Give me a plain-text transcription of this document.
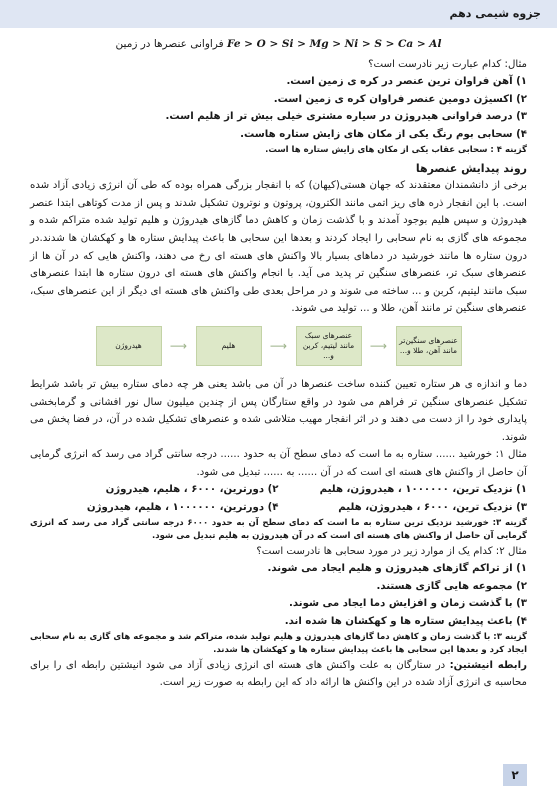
جزوه شیمی دهم
Fe > O > Si > Mg > Ni > S > Ca > Al فراوانی عنصرها در زمین
مثال: کدام عبارت زیر نادرست است؟
۱) آهن فراوان ترین عنصر در کره ی زمین است.
۲) اکسیژن دومین عنصر فراوان کره ی زمین است.
۳) درصد فراوانی هیدروژن در سیاره مشتری خیلی بیش تر از هلیم است.
۴) سحابی بوم رنگ یکی از مکان های زایش ستاره هاست.
گزینه ۴ : سحابی عقاب یکی از مکان های زایش ستاره ها است.
روند پیدایش عنصرها
برخی از دانشمندان معتقدند که جهان هستی(کیهان) که با انفجار بزرگی همراه بوده که طی آن انرژی زیادی آزاد شده است. با این انفجار ذره های ریز اتمی مانند الکترون، پروتون و نوترون تشکیل شدند و پس از مدت کوتاهی ابتدا عنصر هیدروژن و سپس هلیم بوجود آمدند و با گذشت زمان و کاهش دما گازهای هیدروژن و هلیم تولید شده متراکم شده و مجموعه های گازی به نام سحابی را ایجاد کردند و بعدها این سحابی ها باعث پیدایش ستاره ها و کهکشان ها شدند.در درون ستاره ها مانند خورشید در دماهای بسیار بالا واکنش های هسته ای رخ می دهند، واکنش هایی که در آن ها از عنصرهای سبک تر، عنصرهای سنگین تر پدید می آید. با انجام واکنش های هسته ای درون ستاره ها ابتدا عنصرهای سبک مانند لیتیم، کربن و ... ساخته می شوند و در مراحل بعدی طی واکنش های هسته ای دیگر از این عنصرهای سبک، عنصرهای سنگین تر مانند آهن، طلا و ... تولید می شوند.
هیدروژن	⟶	هلیم	⟶
عنصرهای سبک مانند لیتیم، کربن و...
⟶	عنصرهای سنگین‌تر مانند آهن، طلا و...
دما و اندازه ی هر ستاره تعیین کننده ساخت عنصرها در آن می باشد یعنی هر چه دمای ستاره بیش تر باشد شرایط تشکیل عنصرهای سنگین تر فراهم می شود در واقع ستارگان پس از چندین میلیون سال نور افشانی و گرمابخشی پایداری خود را از دست می دهند و در اثر انفجار مهیب متلاشی شده و عنصرهای تشکیل شده در آن، در فضا پخش می شوند.
مثال ۱: خورشید ...... ستاره به ما است که دمای سطح آن به حدود ...... درجه سانتی گراد می رسد که انرژی گرمایی آن حاصل از واکنش های هسته ای است که در آن ...... به ...... تبدیل می شود.
۱) نزدیک ترین، ۱۰۰۰۰۰۰ ، هیدروژن، هلیم
۲) دورترین، ۶۰۰۰ ، هلیم، هیدروژن
۳) نزدیک ترین، ۶۰۰۰ ، هیدروژن، هلیم
۴) دورترین، ۱۰۰۰۰۰۰ ، هلیم، هیدروژن
گزینه ۳: خورشید نزدیک ترین ستاره به ما است که دمای سطح آن به حدود ۶۰۰۰ درجه سانتی گراد می رسد که انرژی گرمایی آن حاصل از واکنش های هسته ای است که در آن هیدروژن به هلیم تبدیل می شود.
مثال ۲: کدام یک از موارد زیر در مورد سحابی ها نادرست است؟
۱) از تراکم گازهای هیدروژن و هلیم ایجاد می شوند.
۲) مجموعه هایی گازی هستند.
۳) با گذشت زمان و افزایش دما ایجاد می شوند.
۴) باعث پیدایش ستاره ها و کهکشان ها شده اند.
گزینه ۳: با گذشت زمان و کاهش دما گازهای هیدروژن و هلیم تولید شده، متراکم شد و مجموعه های گازی به نام سحابی ایجاد کرد و بعدها این سحابی ها باعث پیدایش ستاره ها و کهکشان ها شدند.
رابطه انیشتین: در ستارگان به علت واکنش های هسته ای انرژی زیادی آزاد می شود انیشتین رابطه ای را برای محاسبه ی انرژی آزاد شده در این واکنش ها ارائه داد که این رابطه به صورت زیر است.
۲
